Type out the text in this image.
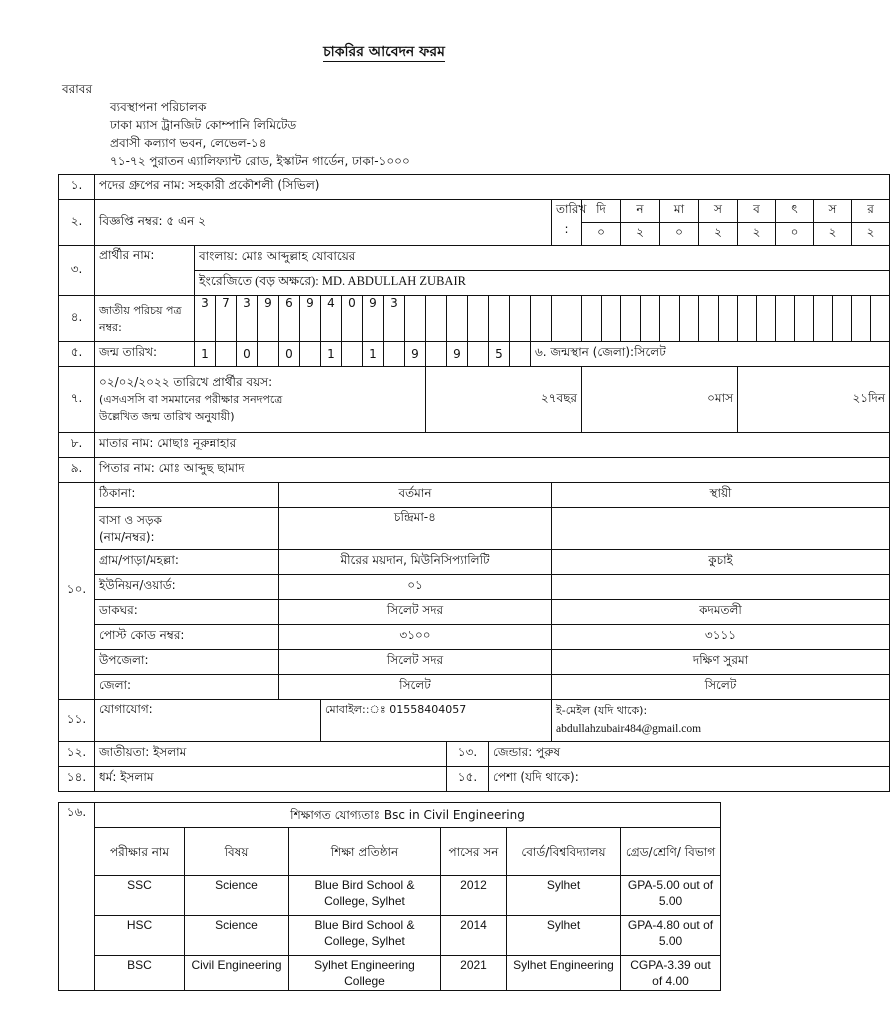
চাকরির আবেদন ফরম
বরাবর
ব্যবস্থাপনা পরিচালক
ঢাকা ম্যাস ট্রানজিট কোম্পানি লিমিটেড
প্রবাসী কল্যাণ ভবন, লেভেল-১৪
৭১-৭২ পুরাতন এ্যালিফ্যান্ট রোড, ইস্কাটন গার্ডেন, ঢাকা-১০০০

১.	পদের গ্রুপের নাম: সহকারী প্রকৌশলী (সিভিল)																																		
২.	বিজ্ঞপ্তি নম্বর: ৫ এন ২																		তারিখ	দি		ন		মা		স		ব		ৎ		স		র	
																			:	০		২		০		২		২		০		২		২	
৩.	প্রার্থীর নাম:	বাংলায়: মোঃ আব্দুল্লাহ যোবায়ের																																	
		ইংরেজিতে (বড় অক্ষরে): MD. ABDULLAH ZUBAIR																																	
৪.	জাতীয় পরিচয় পত্র
নম্বর:	3	7	3	9	6	9	4	0	9	3																								
৫.	জন্ম তারিখ:	1		0		0		1		1		9		9		5		৬. জন্মস্থান (জেলা):সিলেট																	
৭.	০২/০২/২০২২ তারিখে প্রার্থীর বয়স:
(এসএসসি বা সমমানের পরীক্ষার সনদপত্রে
উল্লেখিত জন্ম তারিখ অনুযায়ী)												২৭বছর							০মাস								২১দিন							
৮.	মাতার নাম: মোছাঃ নূরুন্নাহার																																		
৯.	পিতার নাম: মোঃ আব্দুছ ছামাদ																																		
১০.	ঠিকানা:					বর্তমান													স্থায়ী																
	বাসা ও সড়ক
(নাম/নম্বর):					চন্দ্রিমা-৪																													
	গ্রাম/পাড়া/মহল্লা:					মীরের ময়দান, মিউনিসিপ্যালিটি													কুচাই																
	ইউনিয়ন/ওয়ার্ড:					০১																													
	ডাকঘর:					সিলেট সদর													কদমতলী																
	পোস্ট কোড নম্বর:					৩১০০													৩১১১																
	উপজেলা:					সিলেট সদর													দক্ষিণ সুরমা																
	জেলা:					সিলেট													সিলেট																
১১.	যোগাযোগ:							মোবাইল::ঃ 01558404057											ই-মেইল (যদি থাকে):
abdullahzubair484@gmail.com																

১২.	জাতীয়তা: ইসলাম													১৩.		জেন্ডার: পুরুষ																			
১৪.	ধর্ম: ইসলাম													১৫.		পেশা (যদি থাকে):																			
১৬.	শিক্ষাগত যোগ্যতাঃ Bsc in Civil Engineering					
	পরীক্ষার নাম	বিষয়	শিক্ষা প্রতিষ্ঠান	পাসের সন	বোর্ড/বিশ্ববিদ্যালয়	গ্রেড/শ্রেণি/ বিভাগ
	SSC	Science	Blue Bird School & College, Sylhet	2012	Sylhet	GPA-5.00 out of 5.00
	HSC	Science	Blue Bird School & College, Sylhet	2014	Sylhet	GPA-4.80 out of 5.00
	BSC	Civil Engineering	Sylhet Engineering College	2021	Sylhet Engineering	CGPA-3.39 out of 4.00
